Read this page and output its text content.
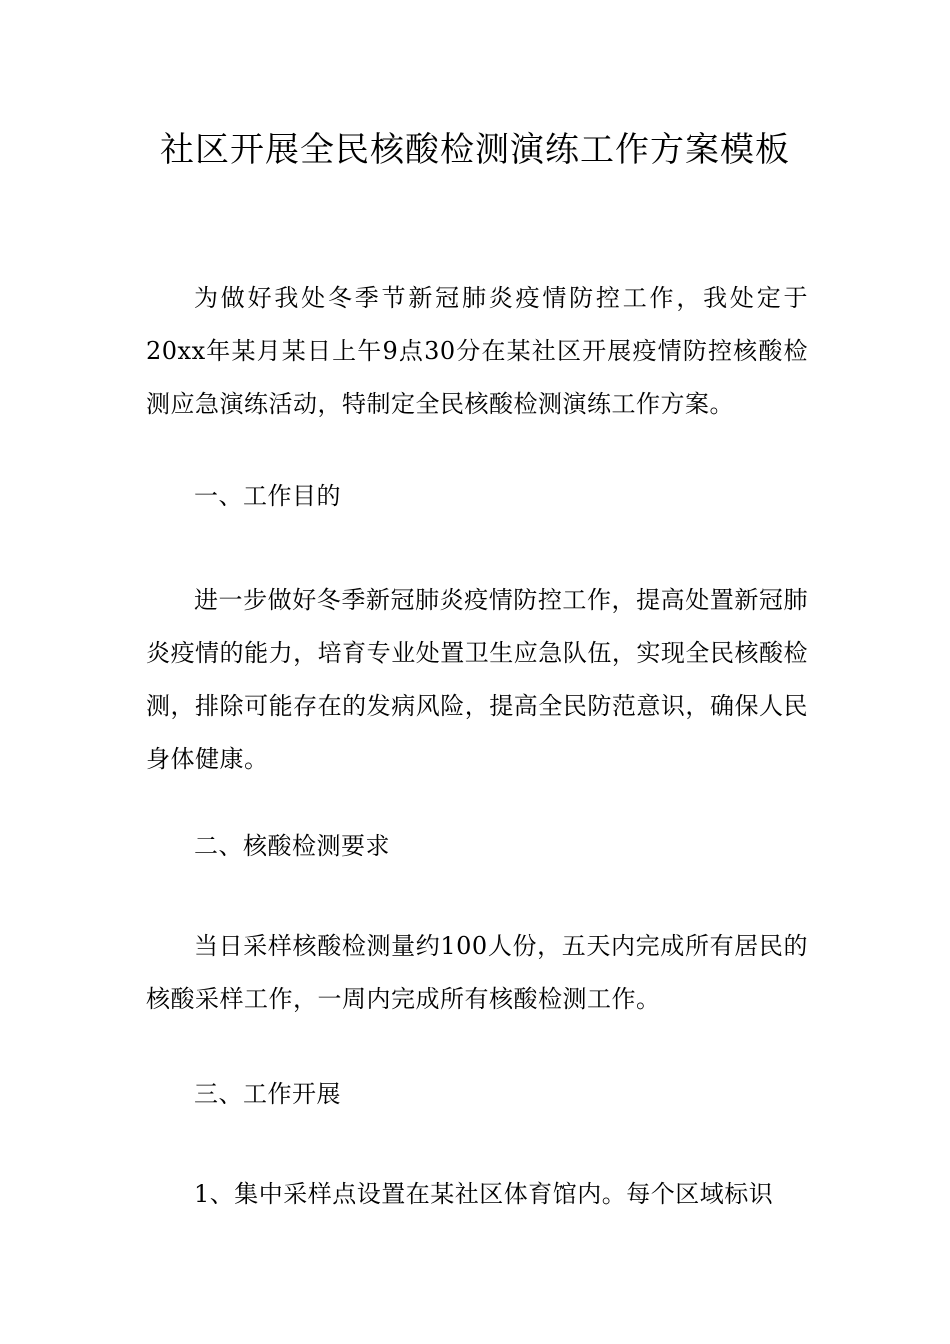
社区开展全民核酸检测演练工作方案模板

为做好我处冬季节新冠肺炎疫情防控工作，我处定于20xx年某月某日上午9点30分在某社区开展疫情防控核酸检测应急演练活动，特制定全民核酸检测演练工作方案。

一、工作目的

进一步做好冬季新冠肺炎疫情防控工作，提高处置新冠肺炎疫情的能力，培育专业处置卫生应急队伍，实现全民核酸检测，排除可能存在的发病风险，提高全民防范意识，确保人民身体健康。

二、核酸检测要求

当日采样核酸检测量约100人份，五天内完成所有居民的核酸采样工作，一周内完成所有核酸检测工作。

三、工作开展

1、集中采样点设置在某社区体育馆内。每个区域标识
